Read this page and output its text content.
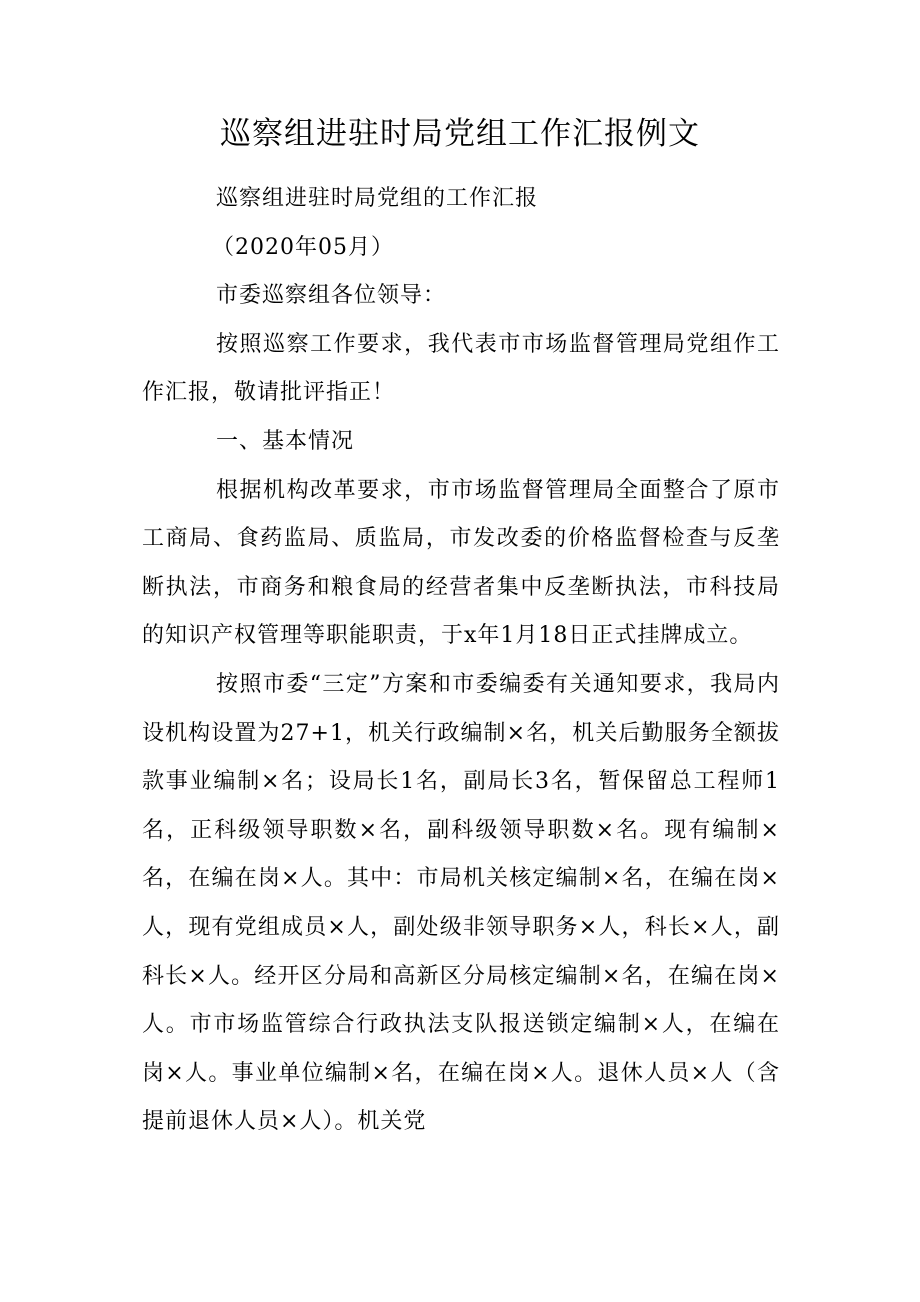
巡察组进驻时局党组工作汇报例文

巡察组进驻时局党组的工作汇报

（2020年05月）

市委巡察组各位领导：

按照巡察工作要求，我代表市市场监督管理局党组作工作汇报，敬请批评指正！

一、基本情况

根据机构改革要求，市市场监督管理局全面整合了原市工商局、食药监局、质监局，市发改委的价格监督检查与反垄断执法，市商务和粮食局的经营者集中反垄断执法，市科技局的知识产权管理等职能职责，于x年1月18日正式挂牌成立。

按照市委“三定”方案和市委编委有关通知要求，我局内设机构设置为27+1，机关行政编制×名，机关后勤服务全额拔款事业编制×名；设局长1名，副局长3名，暂保留总工程师1名，正科级领导职数×名，副科级领导职数×名。现有编制×名，在编在岗×人。其中：市局机关核定编制×名，在编在岗×人，现有党组成员×人，副处级非领导职务×人，科长×人，副科长×人。经开区分局和高新区分局核定编制×名，在编在岗×人。市市场监管综合行政执法支队报送锁定编制×人，在编在岗×人。事业单位编制×名，在编在岗×人。退休人员×人（含提前退休人员×人）。机关党
